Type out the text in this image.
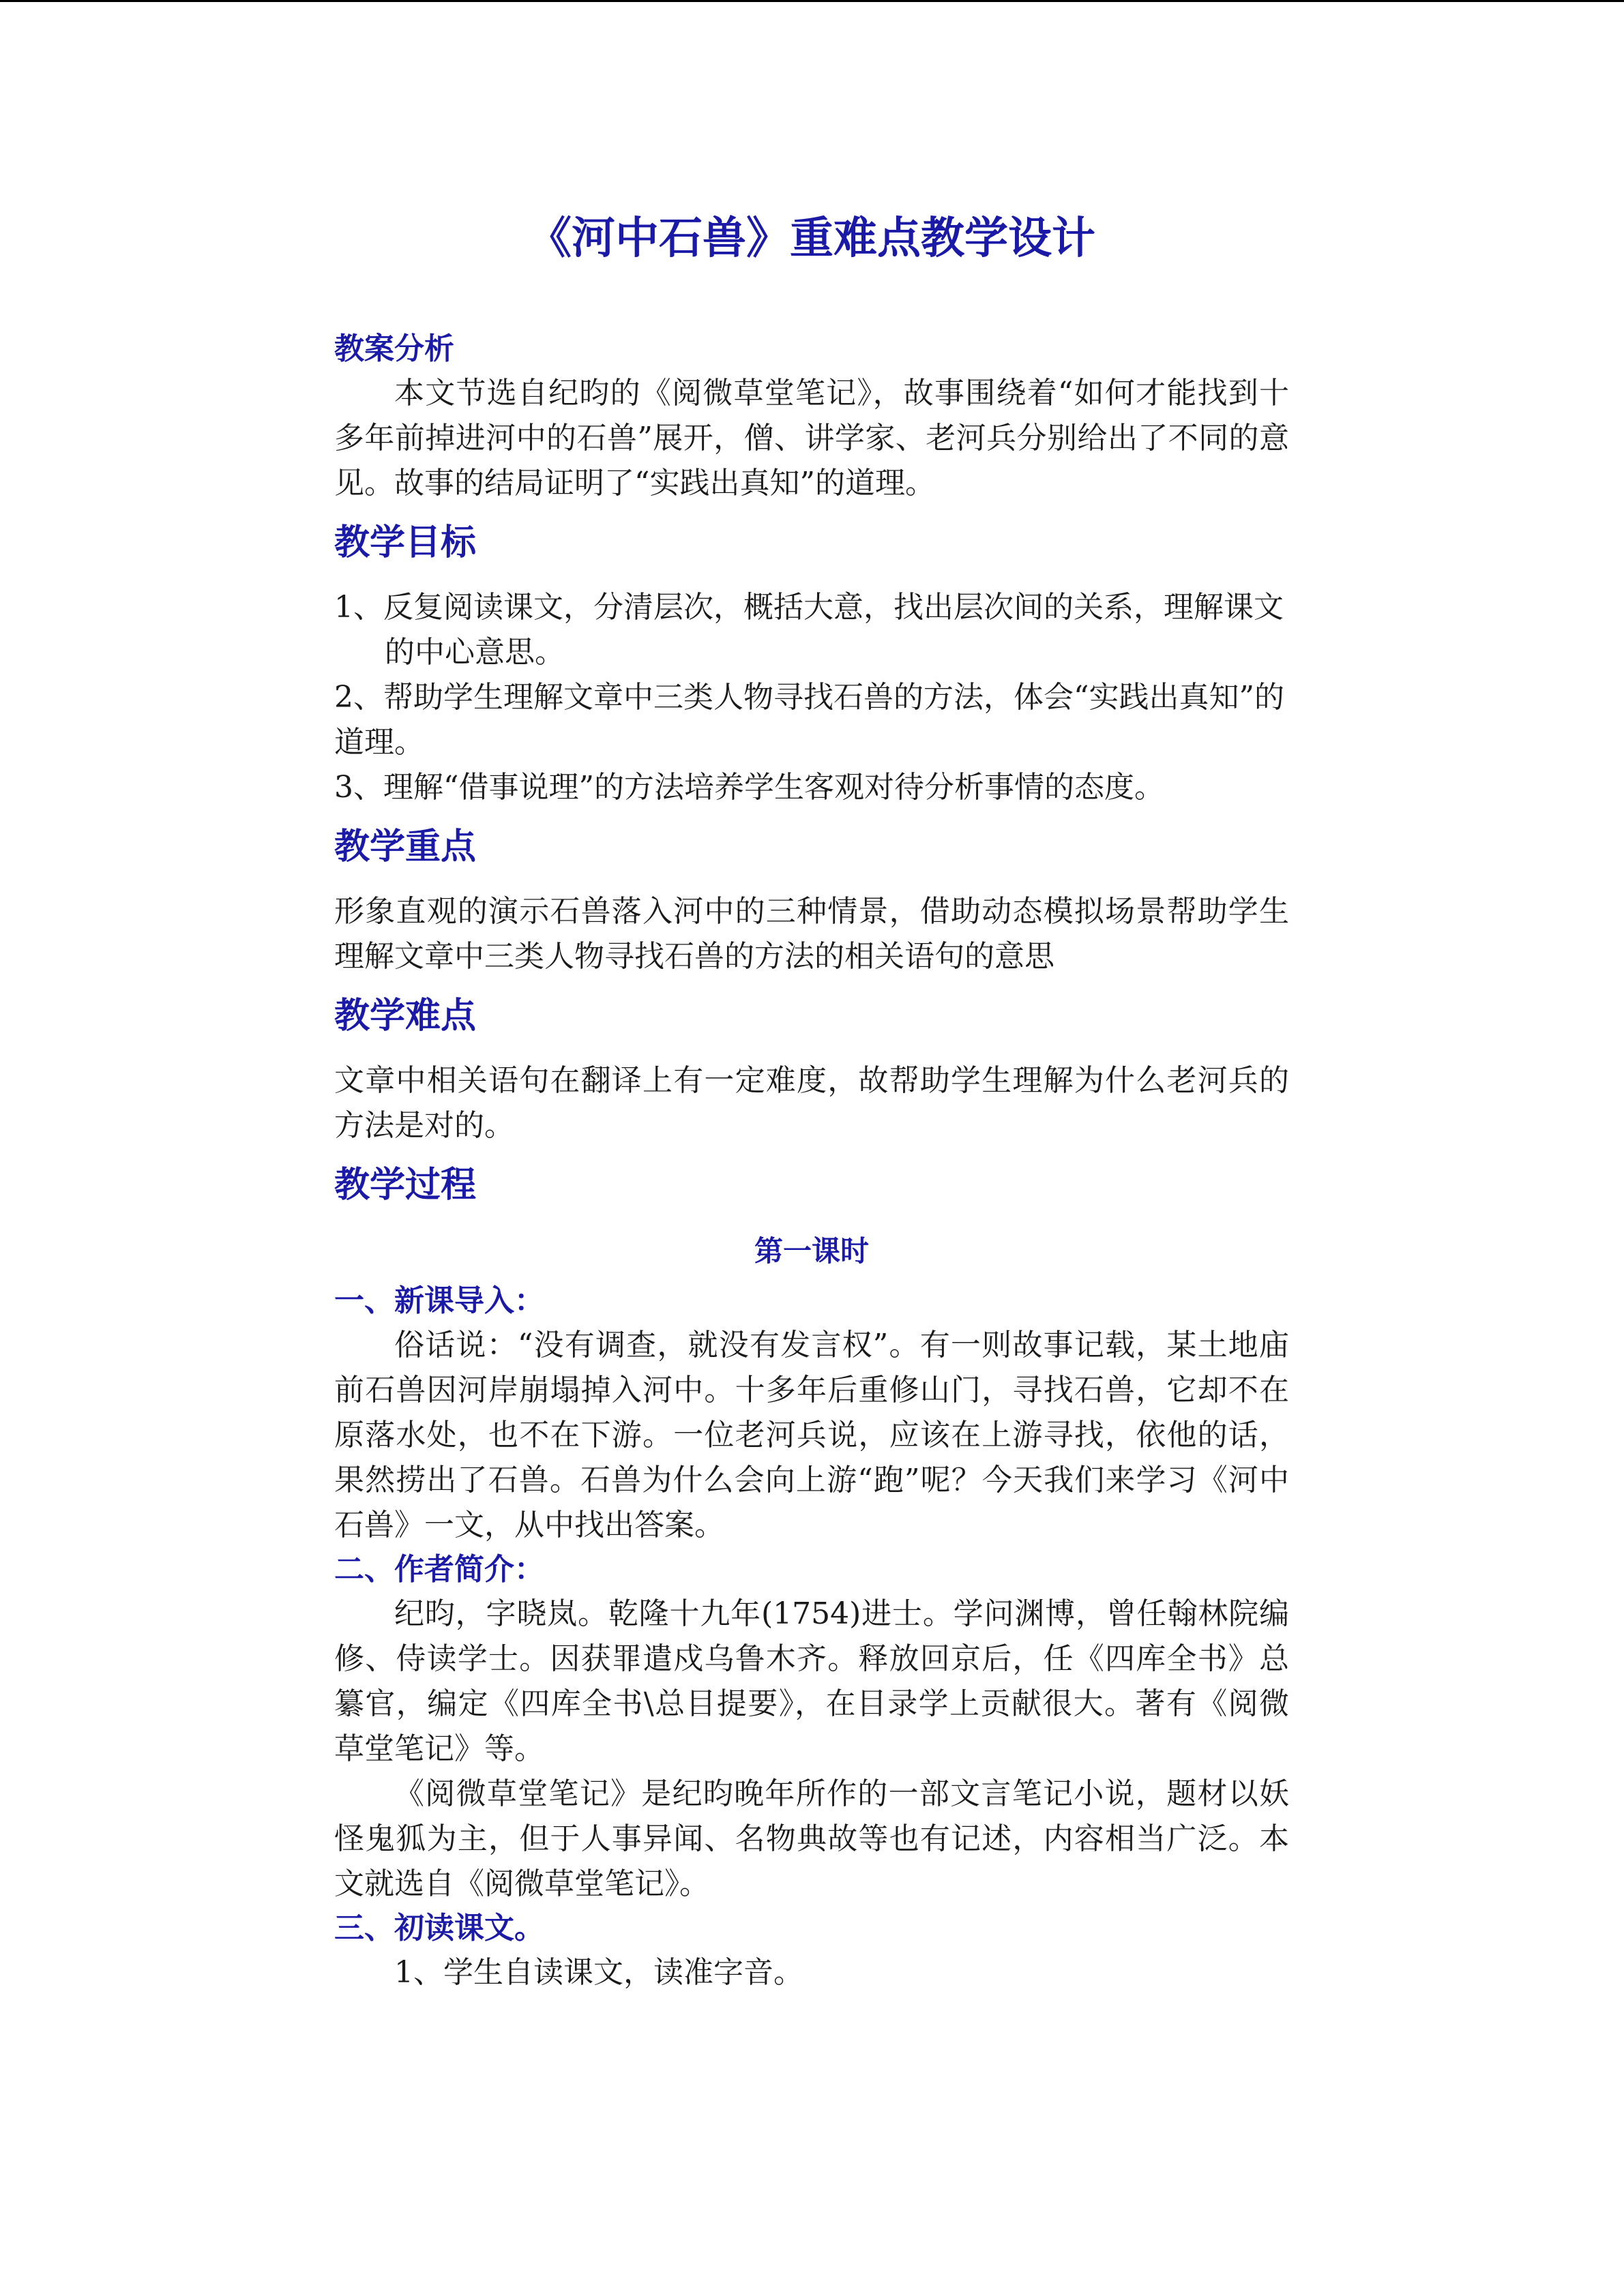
《河中石兽》重难点教学设计
教案分析

本文节选自纪昀的《阅微草堂笔记》，故事围绕着“如何才能找到十多年前掉进河中的石兽”展开，僧、讲学家、老河兵分别给出了不同的意见。故事的结局证明了“实践出真知”的道理。

教学目标

1、反复阅读课文，分清层次，概括大意，找出层次间的关系，理解课文的中心意思。

2、帮助学生理解文章中三类人物寻找石兽的方法，体会“实践出真知”的道理。

3、理解“借事说理”的方法培养学生客观对待分析事情的态度。

教学重点

形象直观的演示石兽落入河中的三种情景，借助动态模拟场景帮助学生理解文章中三类人物寻找石兽的方法的相关语句的意思

教学难点

文章中相关语句在翻译上有一定难度，故帮助学生理解为什么老河兵的方法是对的。

教学过程
第一课时
一、新课导入：

俗话说：“没有调查，就没有发言权”。有一则故事记载，某土地庙前石兽因河岸崩塌掉入河中。十多年后重修山门，寻找石兽，它却不在原落水处，也不在下游。一位老河兵说，应该在上游寻找，依他的话，果然捞出了石兽。石兽为什么会向上游“跑”呢？今天我们来学习《河中石兽》一文，从中找出答案。

二、作者简介：

纪昀，字晓岚。乾隆十九年(1754)进士。学问渊博，曾任翰林院编修、侍读学士。因获罪遣戍乌鲁木齐。释放回京后，任《四库全书》总纂官，编定《四库全书\总目提要》，在目录学上贡献很大。著有《阅微草堂笔记》等。

《阅微草堂笔记》是纪昀晚年所作的一部文言笔记小说，题材以妖怪鬼狐为主，但于人事异闻、名物典故等也有记述，内容相当广泛。本文就选自《阅微草堂笔记》。

三、初读课文。

1、学生自读课文，读准字音。
